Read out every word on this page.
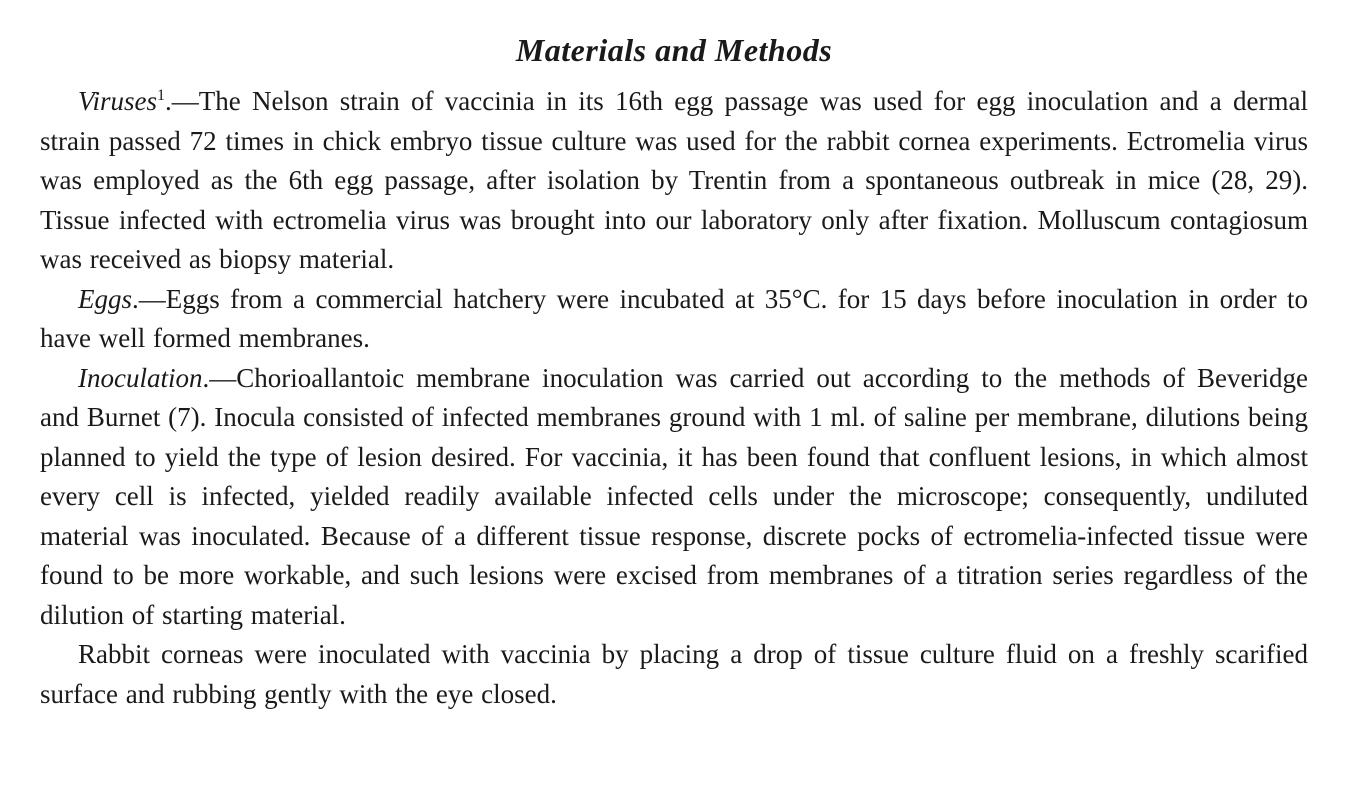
Materials and Methods

Viruses$^1$.—The Nelson strain of vaccinia in its 16th egg passage was used for egg inoculation and a dermal strain passed 72 times in chick embryo tissue culture was used for the rabbit cornea experiments. Ectromelia virus was employed as the 6th egg passage, after isolation by Trentin from a spontaneous outbreak in mice (28, 29). Tissue infected with ectromelia virus was brought into our laboratory only after fixation. Molluscum contagiosum was received as biopsy material.

Eggs.—Eggs from a commercial hatchery were incubated at 35°C. for 15 days before inoculation in order to have well formed membranes.

Inoculation.—Chorioallantoic membrane inoculation was carried out according to the methods of Beveridge and Burnet (7). Inocula consisted of infected membranes ground with 1 ml. of saline per membrane, dilutions being planned to yield the type of lesion desired. For vaccinia, it has been found that confluent lesions, in which almost every cell is infected, yielded readily available infected cells under the microscope; consequently, undiluted material was inoculated. Because of a different tissue response, discrete pocks of ectromelia-infected tissue were found to be more workable, and such lesions were excised from membranes of a titration series regardless of the dilution of starting material.

Rabbit corneas were inoculated with vaccinia by placing a drop of tissue culture fluid on a freshly scarified surface and rubbing gently with the eye closed.
